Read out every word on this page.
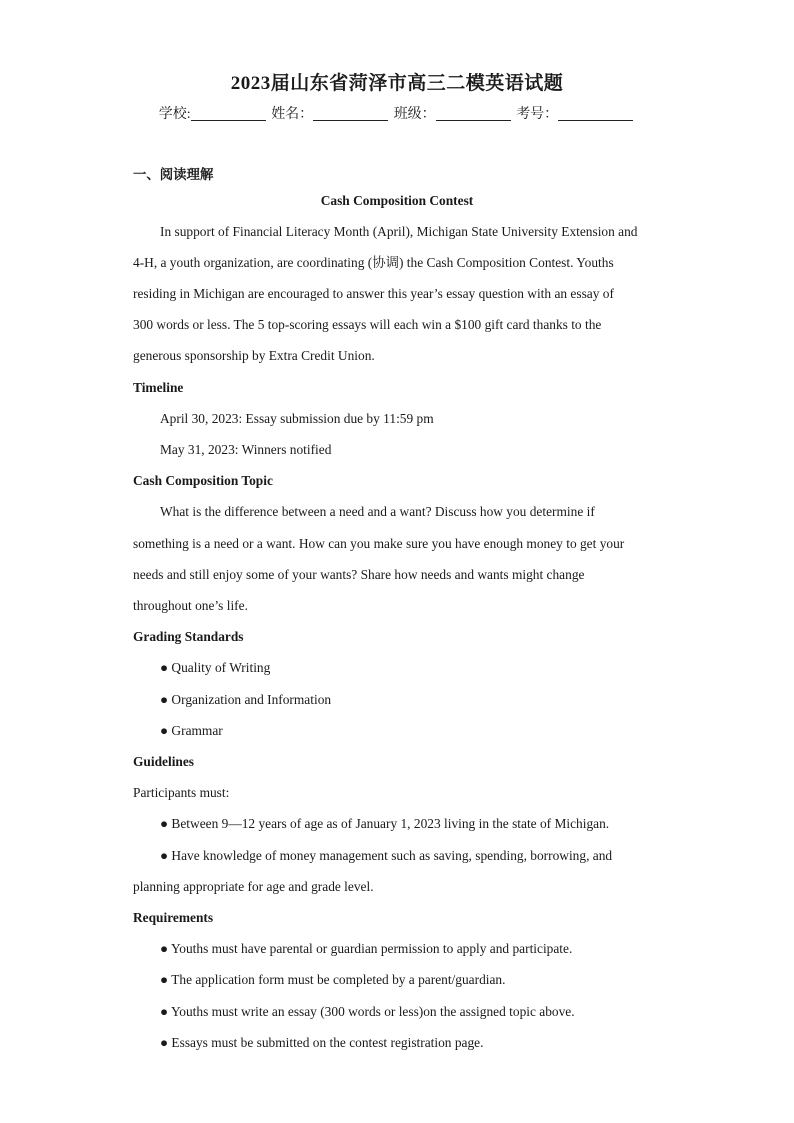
2023届山东省菏泽市高三二模英语试题
学校:	姓名：	班级：	考号：
一、阅读理解
Cash Composition Contest
In support of Financial Literacy Month (April), Michigan State University Extension and
4-H, a youth organization, are coordinating (协调) the Cash Composition Contest. Youths
residing in Michigan are encouraged to answer this year’s essay question with an essay of
300 words or less. The 5 top-scoring essays will each win a $100 gift card thanks to the
generous sponsorship by Extra Credit Union.
Timeline
April 30, 2023: Essay submission due by 11:59 pm
May 31, 2023: Winners notified
Cash Composition Topic
What is the difference between a need and a want? Discuss how you determine if
something is a need or a want. How can you make sure you have enough money to get your
needs and still enjoy some of your wants? Share how needs and wants might change
throughout one’s life.
Grading Standards
● Quality of Writing
● Organization and Information
● Grammar
Guidelines
Participants must:
● Between 9—12 years of age as of January 1, 2023 living in the state of Michigan.
● Have knowledge of money management such as saving, spending, borrowing, and
planning appropriate for age and grade level.
Requirements
● Youths must have parental or guardian permission to apply and participate.
● The application form must be completed by a parent/guardian.
● Youths must write an essay (300 words or less)on the assigned topic above.
● Essays must be submitted on the contest registration page.
